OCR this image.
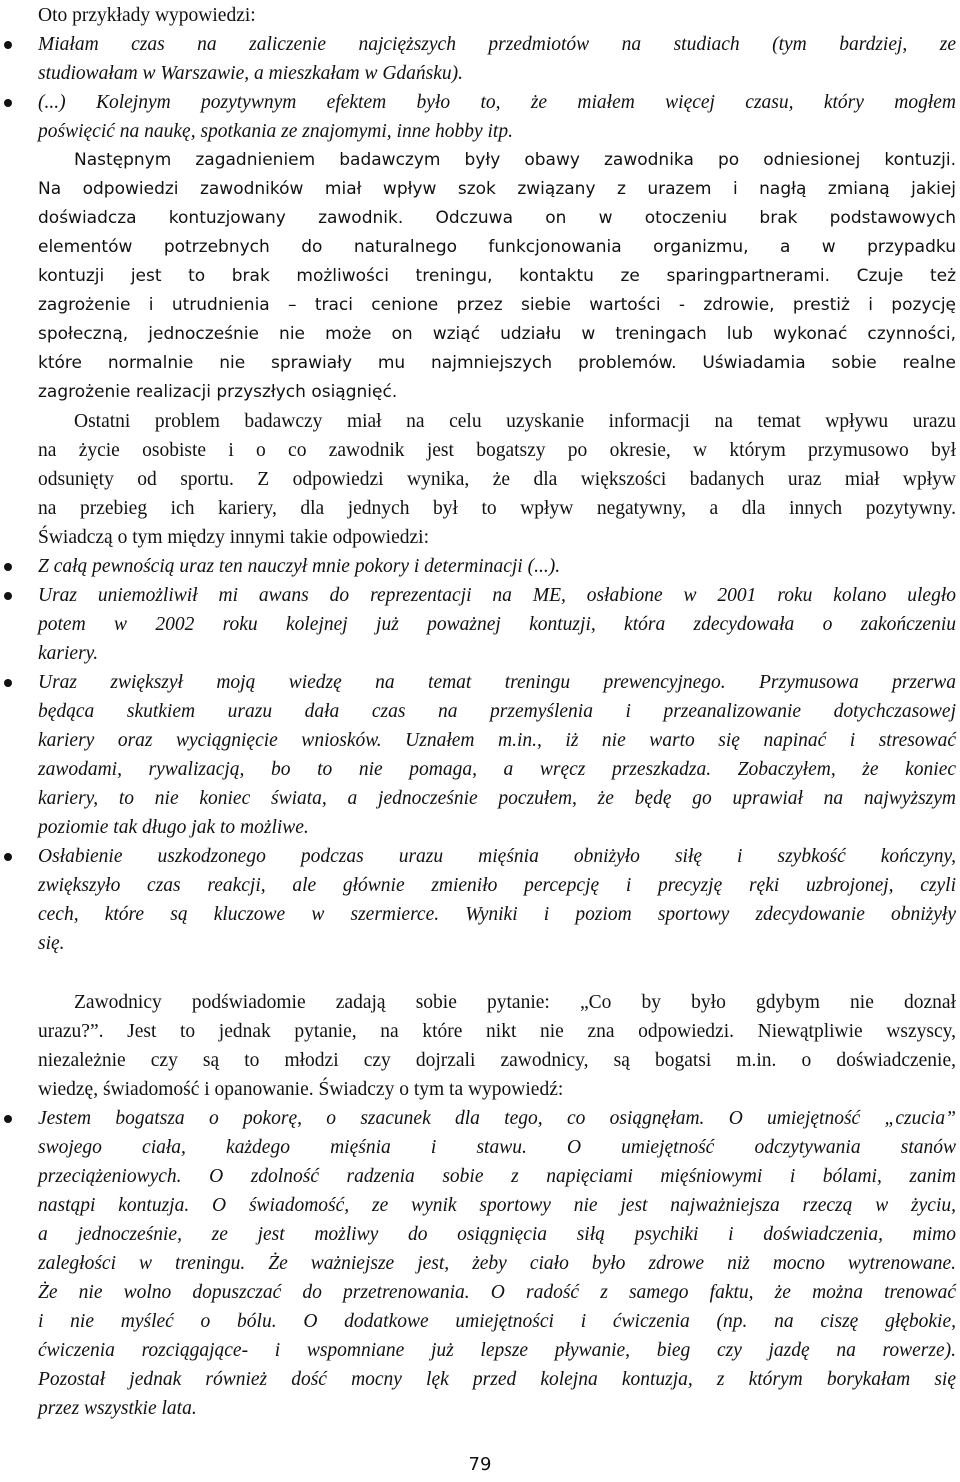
Oto przykłady wypowiedzi:

Miałam czas na zaliczenie najcięższych przedmiotów na studiach (tym bardziej, ze

studiowałam w Warszawie, a mieszkałam w Gdańsku).

(...) Kolejnym pozytywnym efektem było to, że miałem więcej czasu, który mogłem

poświęcić na naukę, spotkania ze znajomymi, inne hobby itp.

Następnym zagadnieniem badawczym były obawy zawodnika po odniesionej kontuzji.

Na odpowiedzi zawodników miał wpływ szok związany z urazem i nagłą zmianą jakiej

doświadcza kontuzjowany zawodnik. Odczuwa on w otoczeniu brak podstawowych

elementów potrzebnych do naturalnego funkcjonowania organizmu, a w przypadku

kontuzji jest to brak możliwości treningu, kontaktu ze sparingpartnerami. Czuje też

zagrożenie i utrudnienia – traci cenione przez siebie wartości - zdrowie, prestiż i pozycję

społeczną, jednocześnie nie może on wziąć udziału w treningach lub wykonać czynności,

które normalnie nie sprawiały mu najmniejszych problemów. Uświadamia sobie realne

zagrożenie realizacji przyszłych osiągnięć.

Ostatni problem badawczy miał na celu uzyskanie informacji na temat wpływu urazu

na życie osobiste i o co zawodnik jest bogatszy po okresie, w którym przymusowo był

odsunięty od sportu. Z odpowiedzi wynika, że dla większości badanych uraz miał wpływ

na przebieg ich kariery, dla jednych był to wpływ negatywny, a dla innych pozytywny.

Świadczą o tym między innymi takie odpowiedzi:

Z całą pewnością uraz ten nauczył mnie pokory i determinacji (...).

Uraz uniemożliwił mi awans do reprezentacji na ME, osłabione w 2001 roku kolano uległo

potem w 2002 roku kolejnej już poważnej kontuzji, która zdecydowała o zakończeniu

kariery.

Uraz zwiększył moją wiedzę na temat treningu prewencyjnego. Przymusowa przerwa

będąca skutkiem urazu dała czas na przemyślenia i przeanalizowanie dotychczasowej

kariery oraz wyciągnięcie wniosków. Uznałem m.in., iż nie warto się napinać i stresować

zawodami, rywalizacją, bo to nie pomaga, a wręcz przeszkadza. Zobaczyłem, że koniec

kariery, to nie koniec świata, a jednocześnie poczułem, że będę go uprawiał na najwyższym

poziomie tak długo jak to możliwe.

Osłabienie uszkodzonego podczas urazu mięśnia obniżyło siłę i szybkość kończyny,

zwiększyło czas reakcji, ale głównie zmieniło percepcję i precyzję ręki uzbrojonej, czyli

cech, które są kluczowe w szermierce. Wyniki i poziom sportowy zdecydowanie obniżyły

się.

Zawodnicy podświadomie zadają sobie pytanie: „Co by było gdybym nie doznał

urazu?”. Jest to jednak pytanie, na które nikt nie zna odpowiedzi. Niewątpliwie wszyscy,

niezależnie czy są to młodzi czy dojrzali zawodnicy, są bogatsi m.in. o doświadczenie,

wiedzę, świadomość i opanowanie. Świadczy o tym ta wypowiedź:

Jestem bogatsza o pokorę, o szacunek dla tego, co osiągnęłam. O umiejętność „czucia”

swojego ciała, każdego mięśnia i stawu. O umiejętność odczytywania stanów

przeciążeniowych. O zdolność radzenia sobie z napięciami mięśniowymi i bólami, zanim

nastąpi kontuzja. O świadomość, ze wynik sportowy nie jest najważniejsza rzeczą w życiu,

a jednocześnie, ze jest możliwy do osiągnięcia siłą psychiki i doświadczenia, mimo

zaległości w treningu. Że ważniejsze jest, żeby ciało było zdrowe niż mocno wytrenowane.

Że nie wolno dopuszczać do przetrenowania. O radość z samego faktu, że można trenować

i nie myśleć o bólu. O dodatkowe umiejętności i ćwiczenia (np. na ciszę głębokie,

ćwiczenia rozciągające- i wspomniane już lepsze pływanie, bieg czy jazdę na rowerze).

Pozostał jednak również dość mocny lęk przed kolejna kontuzja, z którym borykałam się

przez wszystkie lata.

79
